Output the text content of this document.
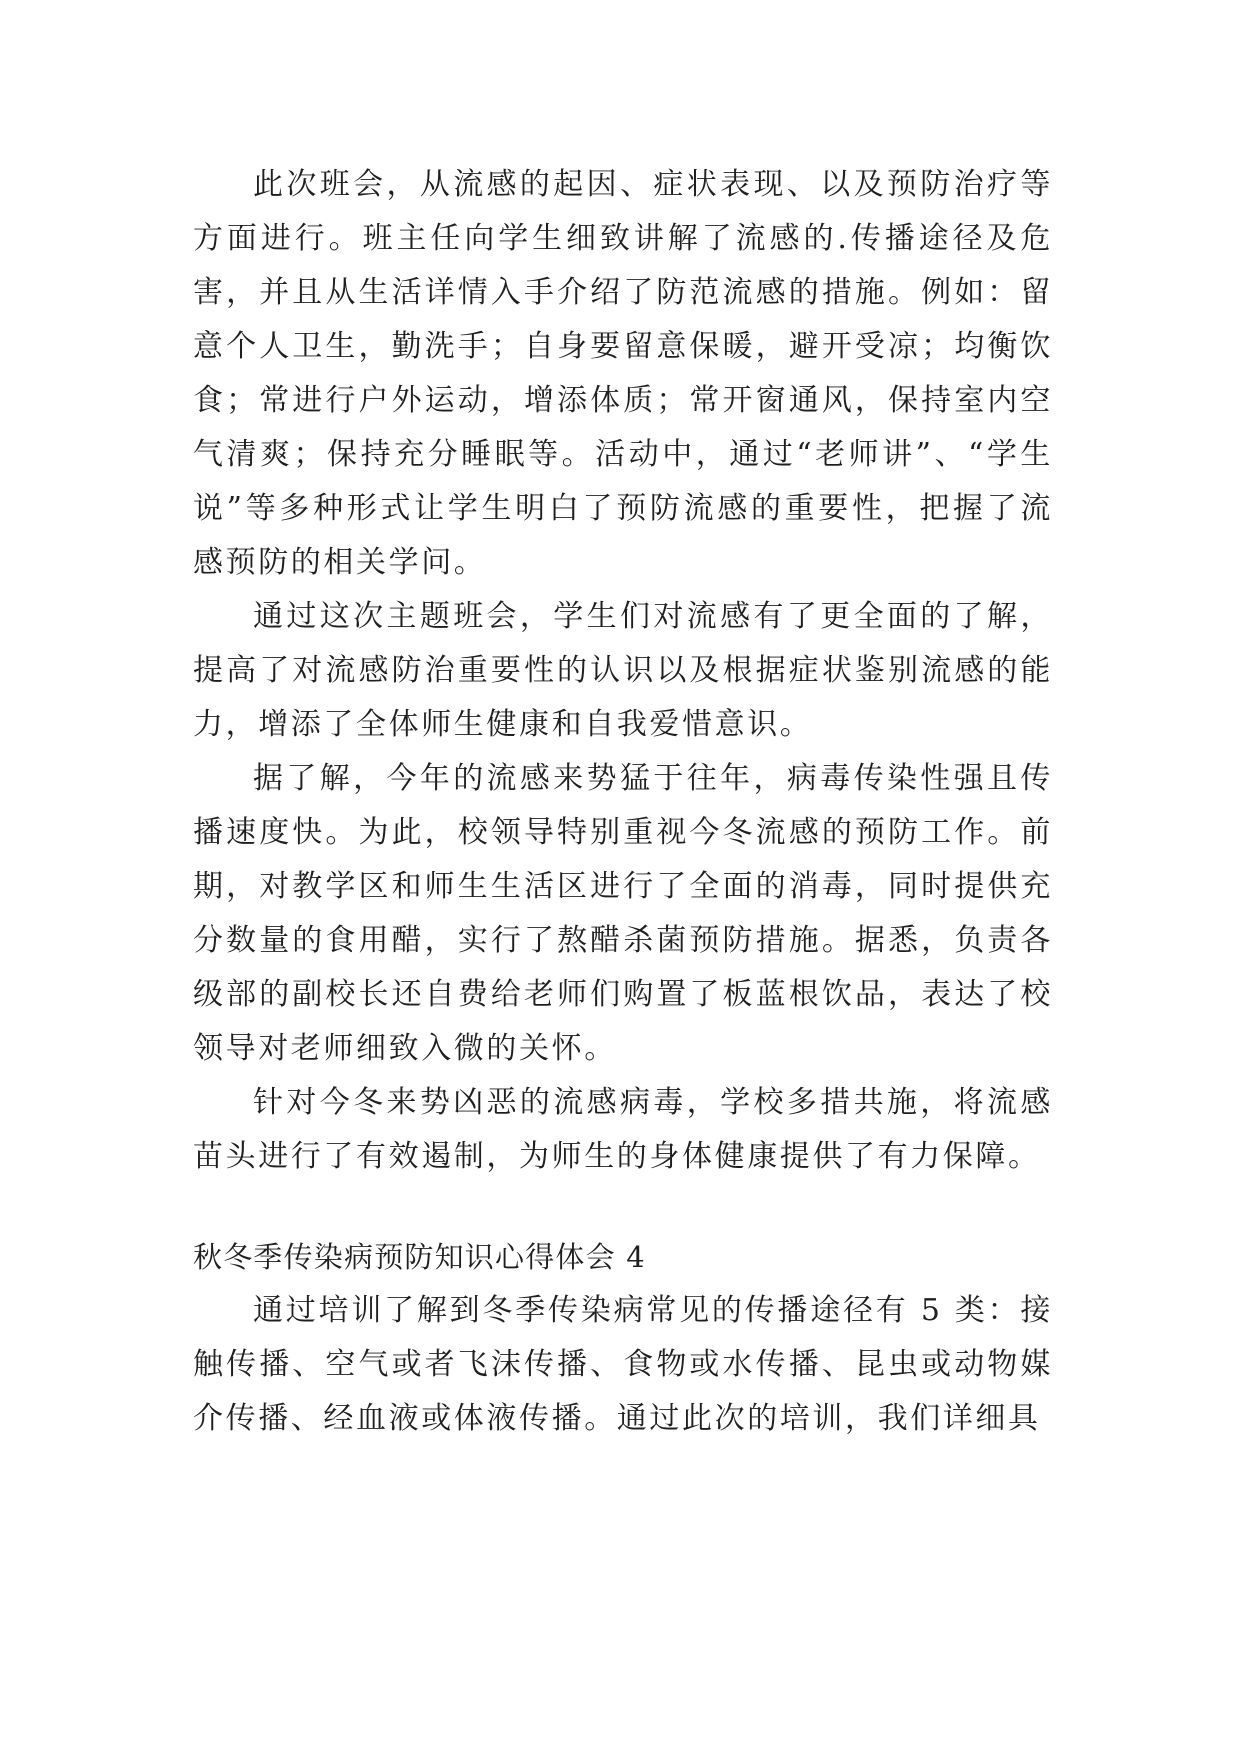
此次班会，从流感的起因、症状表现、以及预防治疗等方面进行。班主任向学生细致讲解了流感的.传播途径及危害，并且从生活详情入手介绍了防范流感的措施。例如：留意个人卫生，勤洗手；自身要留意保暖，避开受凉；均衡饮食；常进行户外运动，增添体质；常开窗通风，保持室内空气清爽；保持充分睡眠等。活动中，通过“老师讲”、“学生说”等多种形式让学生明白了预防流感的重要性，把握了流感预防的相关学问。

通过这次主题班会，学生们对流感有了更全面的了解，提高了对流感防治重要性的认识以及根据症状鉴别流感的能力，增添了全体师生健康和自我爱惜意识。

据了解，今年的流感来势猛于往年，病毒传染性强且传播速度快。为此，校领导特别重视今冬流感的预防工作。前期，对教学区和师生生活区进行了全面的消毒，同时提供充分数量的食用醋，实行了熬醋杀菌预防措施。据悉，负责各级部的副校长还自费给老师们购置了板蓝根饮品，表达了校领导对老师细致入微的关怀。

针对今冬来势凶恶的流感病毒，学校多措共施，将流感苗头进行了有效遏制，为师生的身体健康提供了有力保障。

秋冬季传染病预防知识心得体会 4

通过培训了解到冬季传染病常见的传播途径有 5 类：接触传播、空气或者飞沫传播、食物或水传播、昆虫或动物媒介传播、经血液或体液传播。通过此次的培训，我们详细具
